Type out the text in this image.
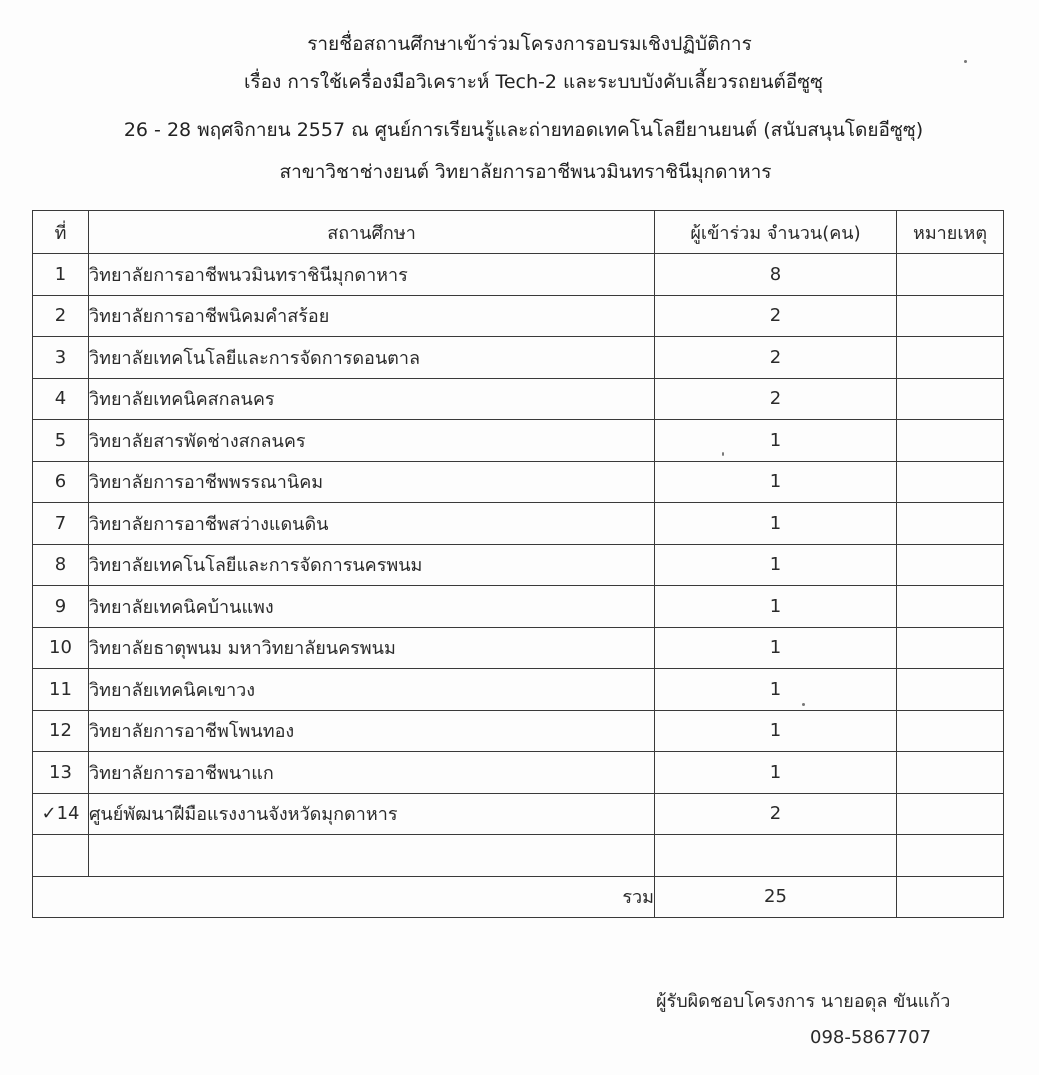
รายชื่อสถานศึกษาเข้าร่วมโครงการอบรมเชิงปฏิบัติการ
เรื่อง การใช้เครื่องมือวิเคราะห์ Tech-2 และระบบบังคับเลี้ยวรถยนต์อีซูซุ
26 - 28 พฤศจิกายน 2557 ณ ศูนย์การเรียนรู้และถ่ายทอดเทคโนโลยียานยนต์ (สนับสนุนโดยอีซูซุ)
สาขาวิชาช่างยนต์ วิทยาลัยการอาชีพนวมินทราชินีมุกดาหาร
ที่	สถานศึกษา	ผู้เข้าร่วม จำนวน(คน)	หมายเหตุ
1	วิทยาลัยการอาชีพนวมินทราชินีมุกดาหาร	8	
2	วิทยาลัยการอาชีพนิคมคำสร้อย	2	
3	วิทยาลัยเทคโนโลยีและการจัดการดอนตาล	2	
4	วิทยาลัยเทคนิคสกลนคร	2	
5	วิทยาลัยสารพัดช่างสกลนคร	1	
6	วิทยาลัยการอาชีพพรรณานิคม	1	
7	วิทยาลัยการอาชีพสว่างแดนดิน	1	
8	วิทยาลัยเทคโนโลยีและการจัดการนครพนม	1	
9	วิทยาลัยเทคนิคบ้านแพง	1	
10	วิทยาลัยธาตุพนม มหาวิทยาลัยนครพนม	1	
11	วิทยาลัยเทคนิคเขาวง	1	
12	วิทยาลัยการอาชีพโพนทอง	1	
13	วิทยาลัยการอาชีพนาแก	1	
✓14	ศูนย์พัฒนาฝีมือแรงงานจังหวัดมุกดาหาร	2	

รวม		25	
ผู้รับผิดชอบโครงการ นายอดุล ขันแก้ว
098-5867707
